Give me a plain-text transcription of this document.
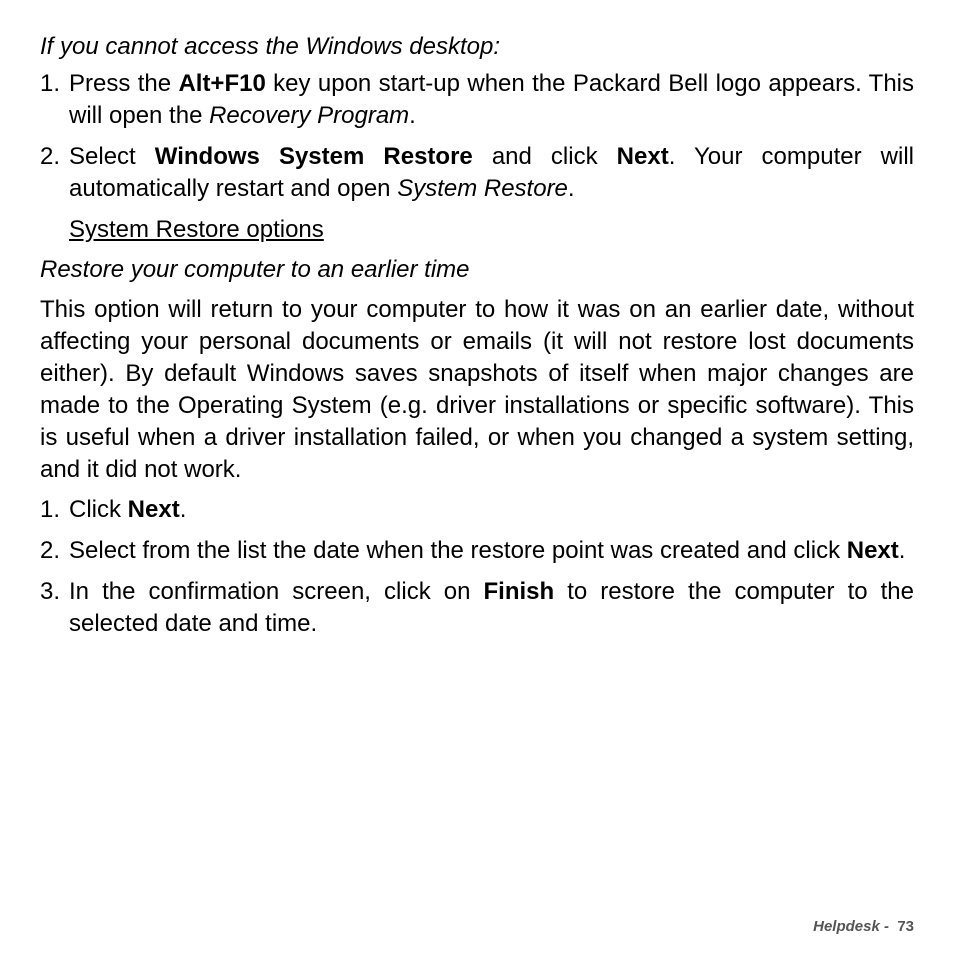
If you cannot access the Windows desktop:

1. Press the Alt+F10 key upon start-up when the Packard Bell logo appears. This will open the Recovery Program.
2. Select Windows System Restore and click Next. Your computer will automatically restart and open System Restore.

System Restore options

Restore your computer to an earlier time

This option will return to your computer to how it was on an earlier date, without affecting your personal documents or emails (it will not restore lost documents either). By default Windows saves snapshots of itself when major changes are made to the Operating System (e.g. driver installations or specific software). This is useful when a driver installation failed, or when you changed a system setting, and it did not work.

1. Click Next.
2. Select from the list the date when the restore point was created and click Next.
3. In the confirmation screen, click on Finish to restore the computer to the selected date and time.
Helpdesk - 73
